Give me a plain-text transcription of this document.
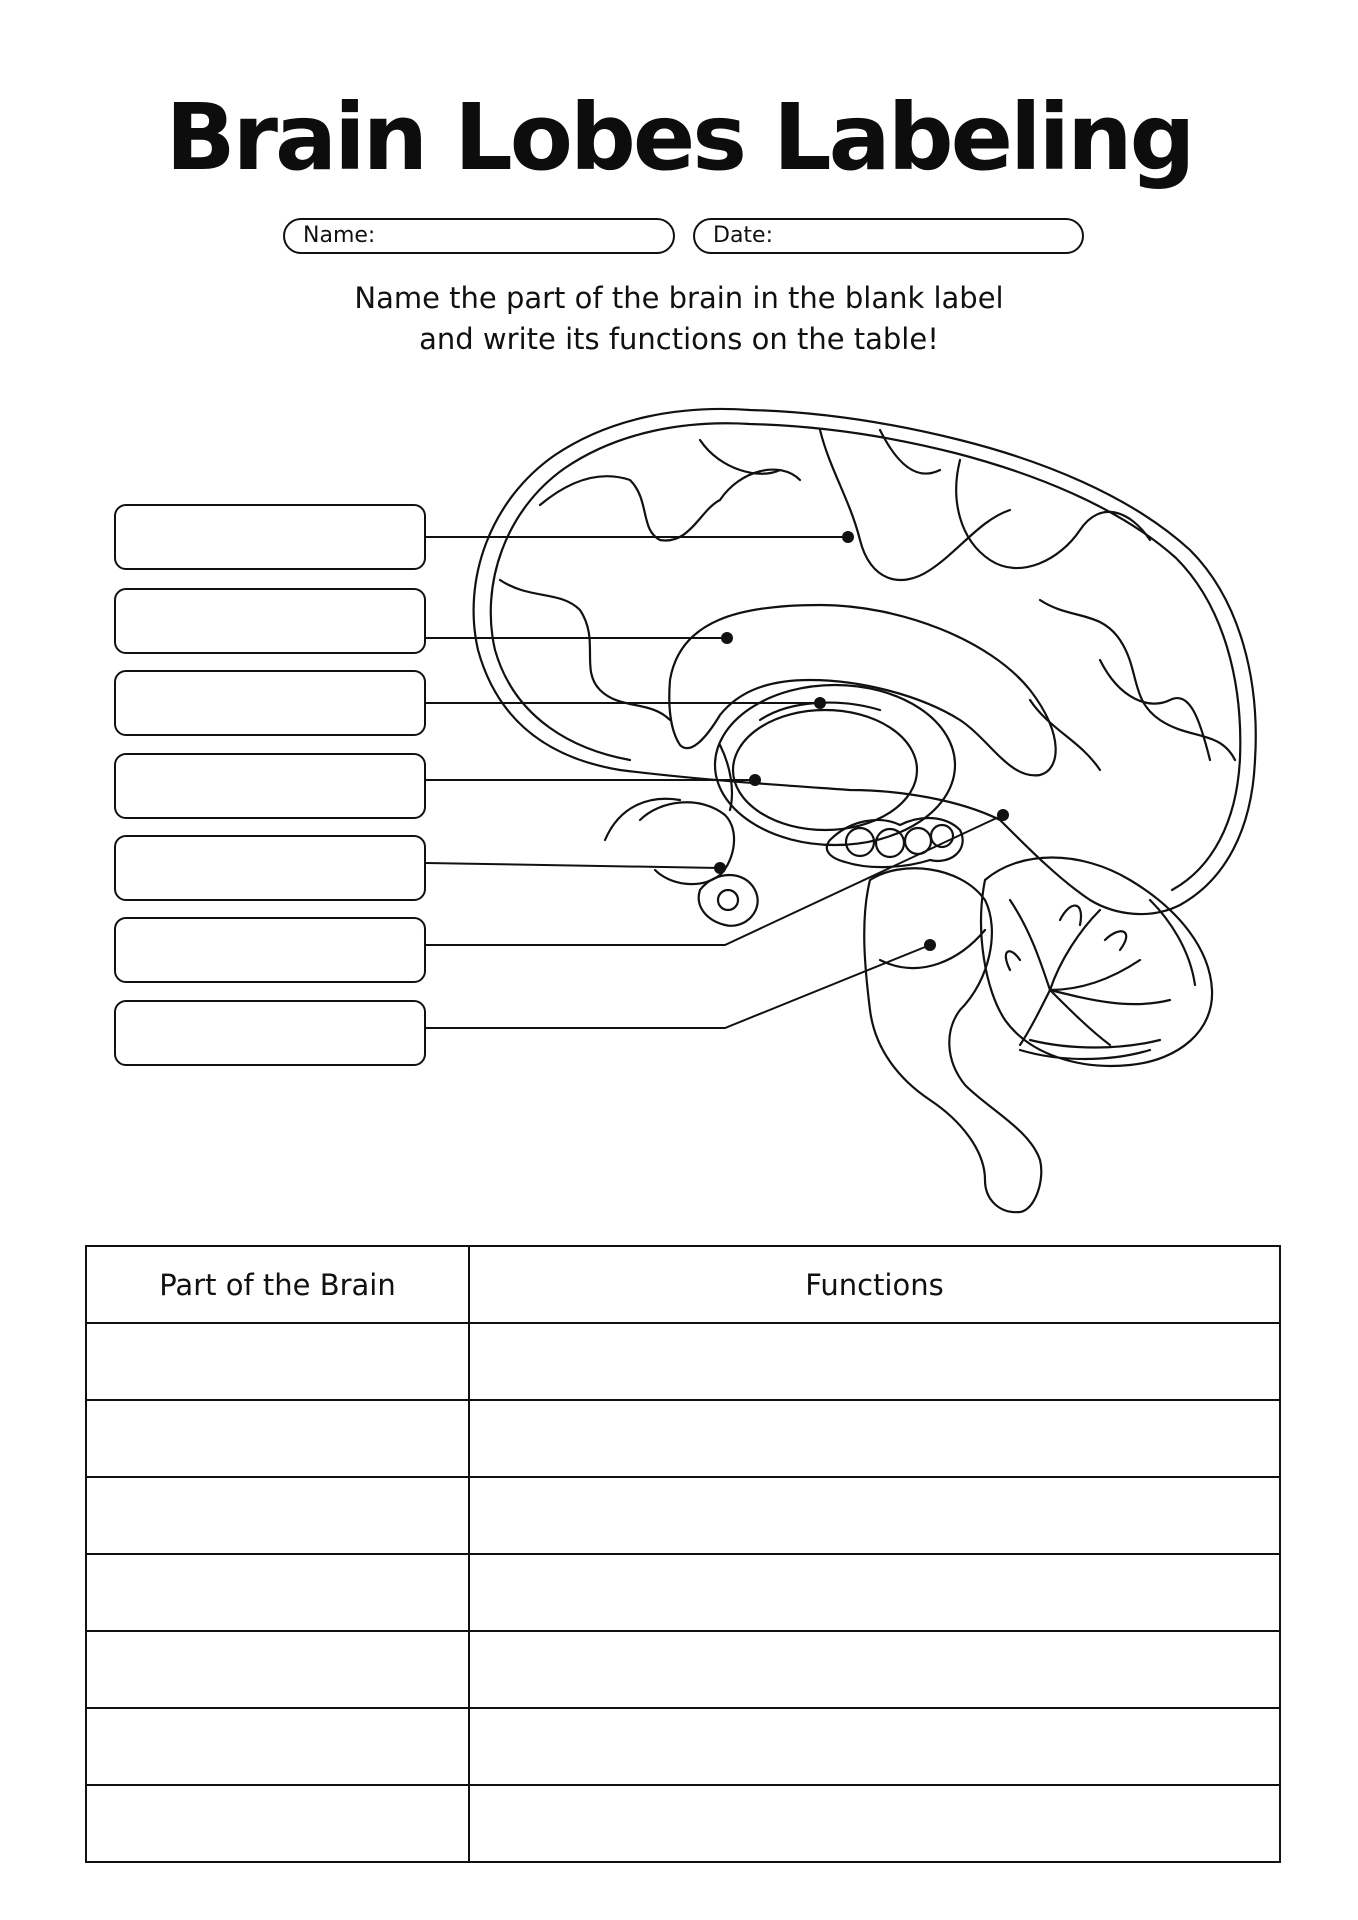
Brain Lobes Labeling
Name:	Date:
Name the part of the brain in the blank label
and write its functions on the table!
Part of the Brain	Functions
